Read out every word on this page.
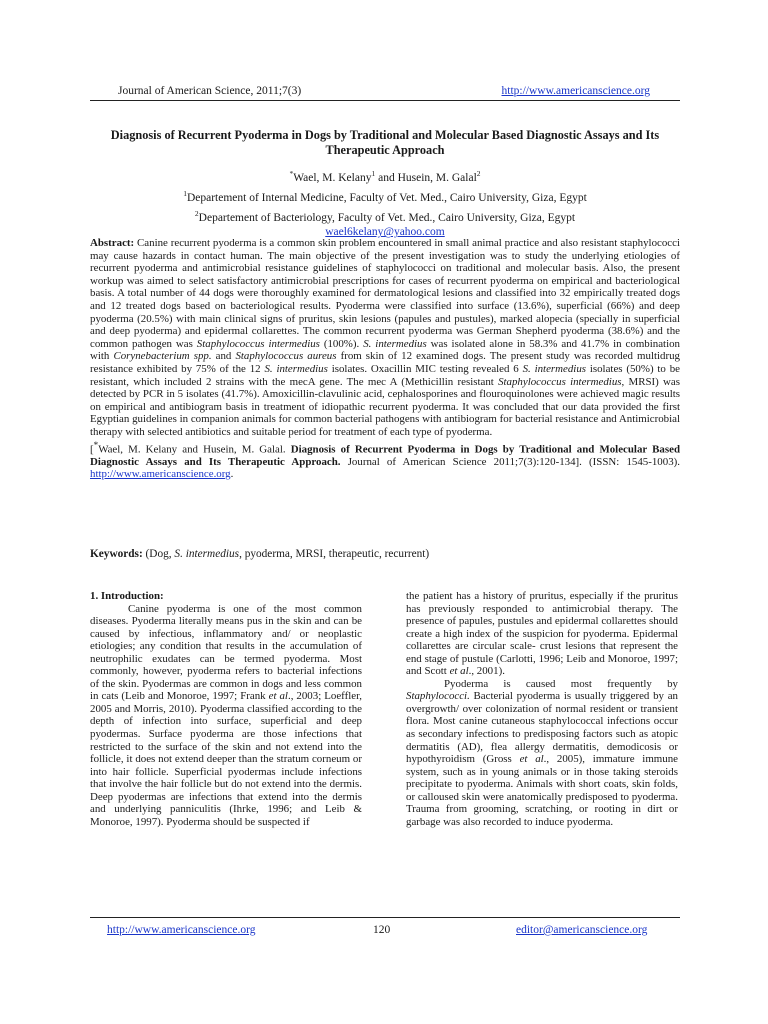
Journal of American Science, 2011;7(3)	http://www.americanscience.org
Diagnosis of Recurrent Pyoderma in Dogs by Traditional and Molecular Based Diagnostic Assays and Its Therapeutic Approach
*Wael, M. Kelany$^1$ and Husein, M. Galal$^2$
$^1$Departement of Internal Medicine, Faculty of Vet. Med., Cairo University, Giza, Egypt
$^2$Departement of Bacteriology, Faculty of Vet. Med., Cairo University, Giza, Egypt
wael6kelany@yahoo.com

Abstract: Canine recurrent pyoderma is a common skin problem encountered in small animal practice and also resistant staphylococci may cause hazards in contact human. The main objective of the present investigation was to study the underlying etiologies of recurrent pyoderma and antimicrobial resistance guidelines of staphylococci on traditional and molecular basis. Also, the present workup was aimed to select satisfactory antimicrobial prescriptions for cases of recurrent pyoderma on empirical and bacteriological basis. A total number of 44 dogs were thoroughly examined for dermatological lesions and classified into 32 empirically treated dogs and 12 treated dogs based on bacteriological results. Pyoderma were classified into surface (13.6%), superficial (66%) and deep pyoderma (20.5%) with main clinical signs of pruritus, skin lesions (papules and pustules), marked alopecia (specially in superficial and deep pyoderma) and epidermal collarettes. The common recurrent pyoderma was German Shepherd pyoderma (38.6%) and the common pathogen was Staphylococcus intermedius (100%). S. intermedius was isolated alone in 58.3% and 41.7% in combination with Corynebacterium spp. and Staphylococcus aureus from skin of 12 examined dogs. The present study was recorded multidrug resistance exhibited by 75% of the 12 S. intermedius isolates. Oxacillin MIC testing revealed 6 S. intermedius isolates (50%) to be resistant, which included 2 strains with the mecA gene. The mec A (Methicillin resistant Staphylococcus intermedius, MRSI) was detected by PCR in 5 isolates (41.7%). Amoxicillin-clavulinic acid, cephalosporines and flouroquinolones were achieved magic results on empirical and antibiogram basis in treatment of idiopathic recurrent pyoderma. It was concluded that our data provided the first Egyptian guidelines in companion animals for common bacterial pathogens with antibiogram for bacterial resistance and Antimicrobial therapy with selected antibiotics and suitable period for treatment of each type of pyoderma.

[*Wael, M. Kelany and Husein, M. Galal. Diagnosis of Recurrent Pyoderma in Dogs by Traditional and Molecular Based Diagnostic Assays and Its Therapeutic Approach. Journal of American Science 2011;7(3):120-134]. (ISSN: 1545-1003). http://www.americanscience.org.

Keywords: (Dog, S. intermedius, pyoderma, MRSI, therapeutic, recurrent)

1. Introduction:

Canine pyoderma is one of the most common diseases. Pyoderma literally means pus in the skin and can be caused by infectious, inflammatory and/ or neoplastic etiologies; any condition that results in the accumulation of neutrophilic exudates can be termed pyoderma. Most commonly, however, pyoderma refers to bacterial infections of the skin. Pyodermas are common in dogs and less common in cats (Leib and Monoroe, 1997; Frank et al., 2003; Loeffler, 2005 and Morris, 2010). Pyoderma classified according to the depth of infection into surface, superficial and deep pyodermas. Surface pyoderma are those infections that restricted to the surface of the skin and not extend into the follicle, it does not extend deeper than the stratum corneum or into hair follicle. Superficial pyodermas include infections that involve the hair follicle but do not extend into the dermis. Deep pyodermas are infections that extend into the dermis and underlying panniculitis (Ihrke, 1996; and Leib & Monoroe, 1997). Pyoderma should be suspected if

the patient has a history of pruritus, especially if the pruritus has previously responded to antimicrobial therapy. The presence of papules, pustules and epidermal collarettes should create a high index of the suspicion for pyoderma. Epidermal collarettes are circular scale- crust lesions that represent the end stage of pustule (Carlotti, 1996; Leib and Monoroe, 1997; and Scott et al., 2001).

Pyoderma is caused most frequently by Staphylococci. Bacterial pyoderma is usually triggered by an overgrowth/ over colonization of normal resident or transient flora. Most canine cutaneous staphylococcal infections occur as secondary infections to predisposing factors such as atopic dermatitis (AD), flea allergy dermatitis, demodicosis or hypothyroidism (Gross et al., 2005), immature immune system, such as in young animals or in those taking steroids precipitate to pyoderma. Animals with short coats, skin folds, or calloused skin were anatomically predisposed to pyoderma. Trauma from grooming, scratching, or rooting in dirt or garbage was also recorded to induce pyoderma.

http://www.americanscience.org	120	editor@americanscience.org
